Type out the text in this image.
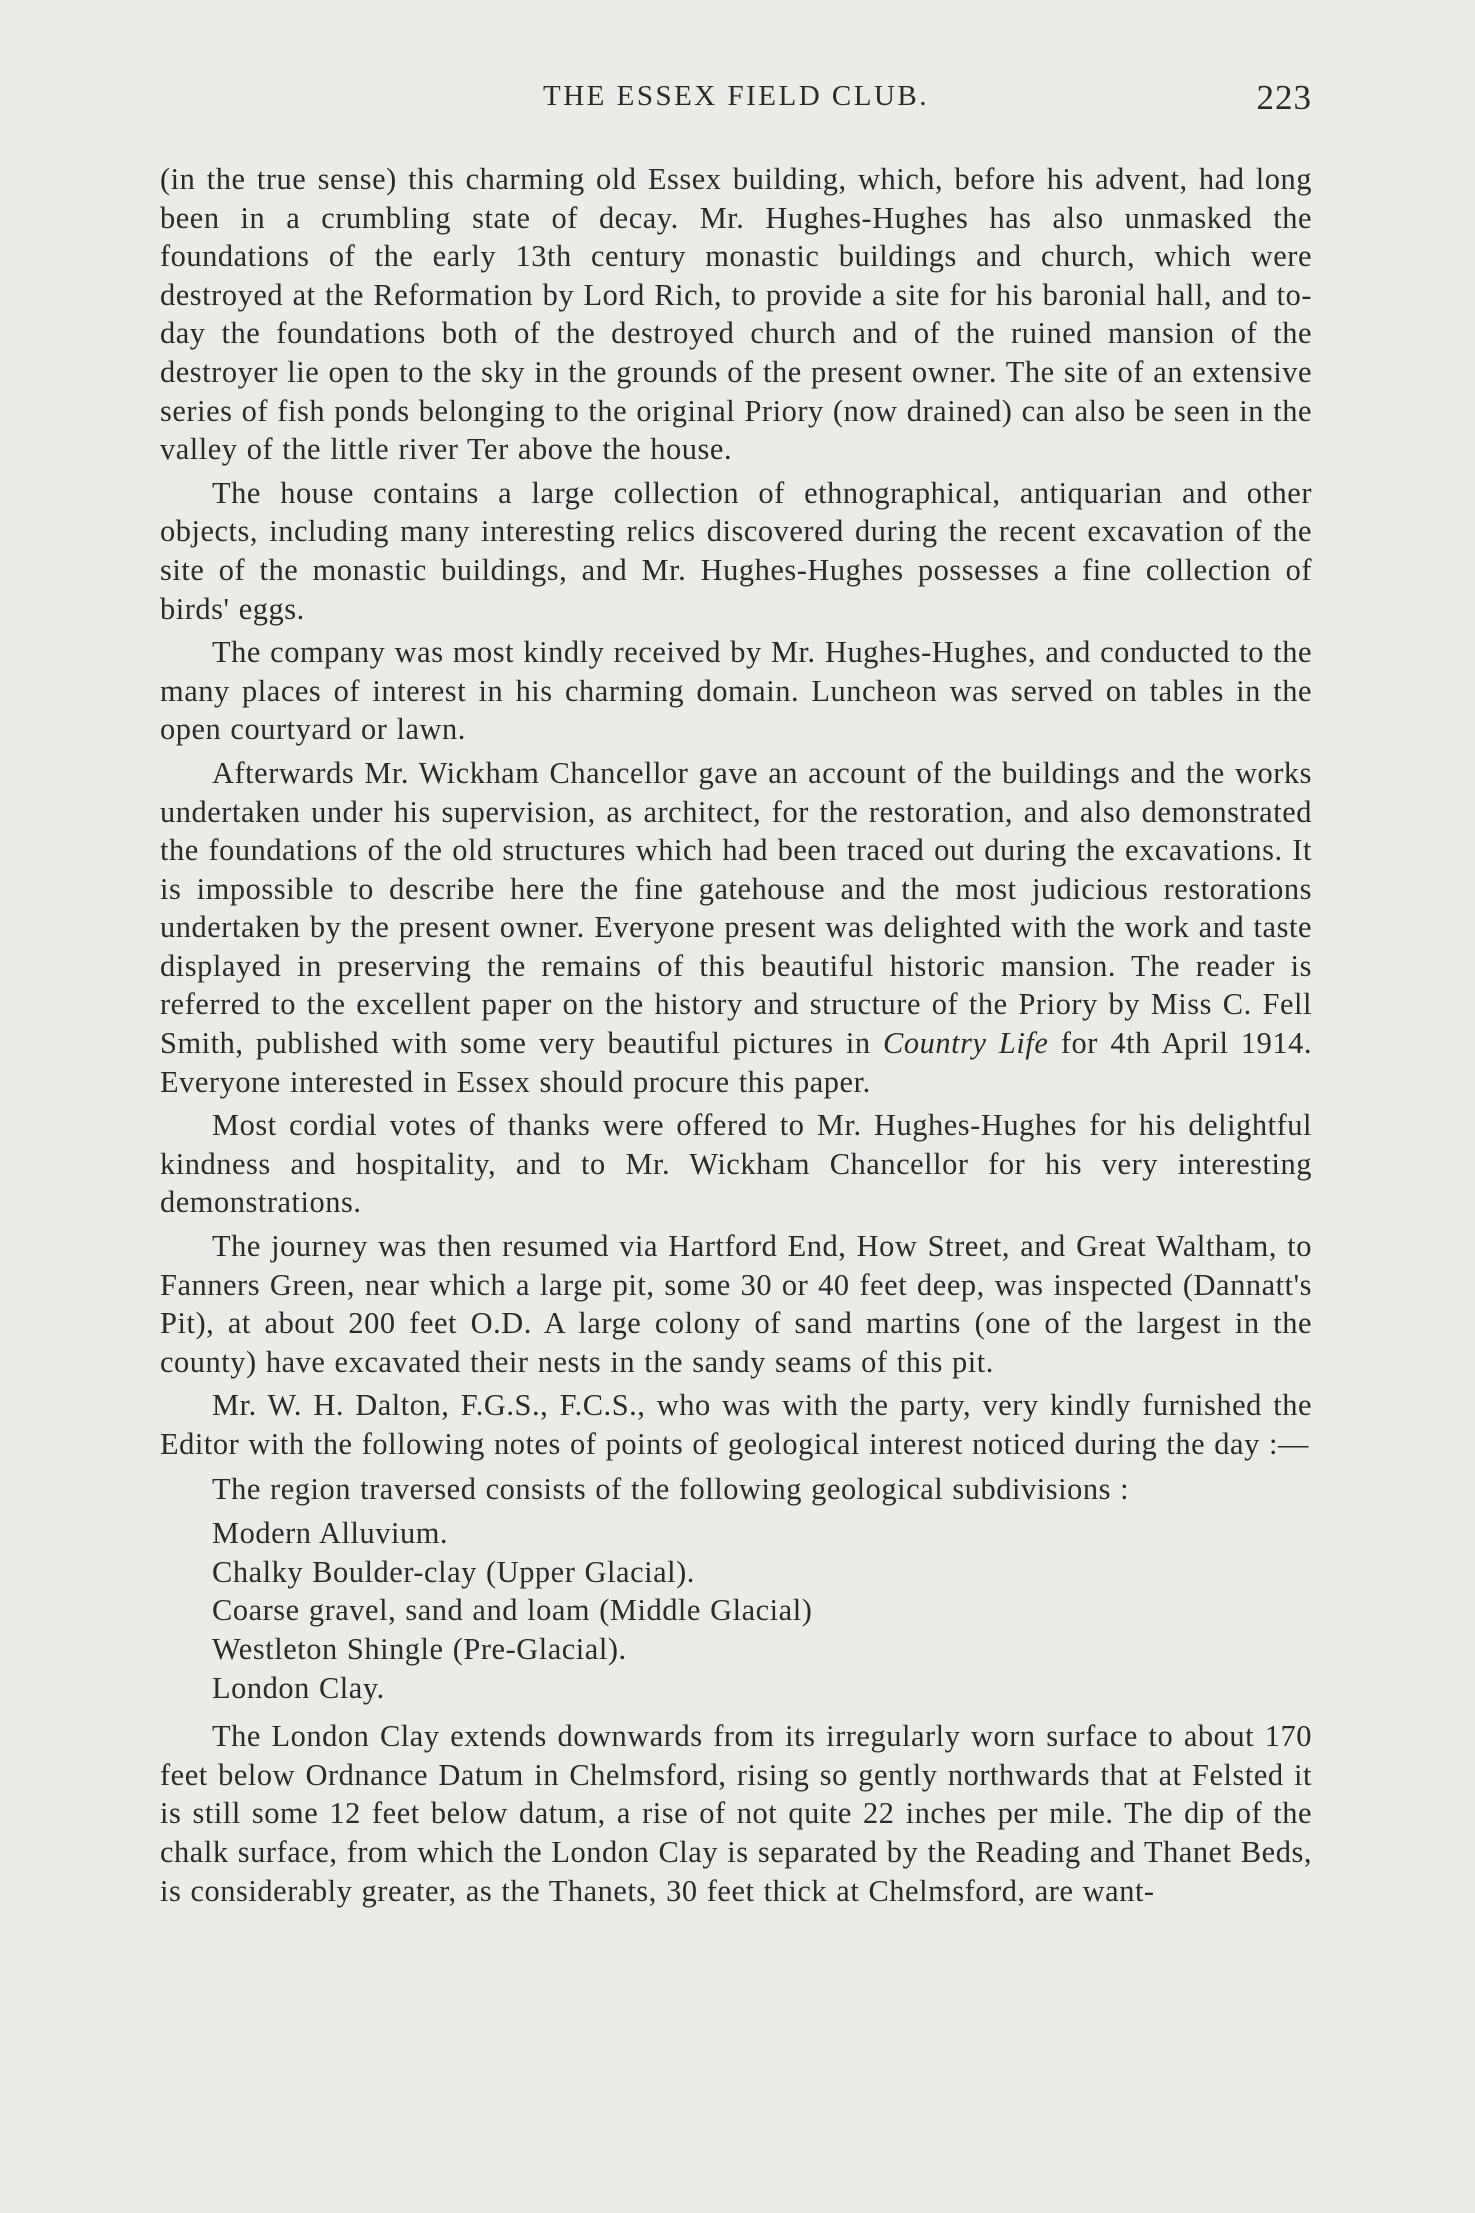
THE ESSEX FIELD CLUB.	223

(in the true sense) this charming old Essex building, which, before his advent, had long been in a crumbling state of decay. Mr. Hughes-Hughes has also unmasked the foundations of the early 13th century monastic buildings and church, which were destroyed at the Reformation by Lord Rich, to provide a site for his baronial hall, and to-day the foundations both of the destroyed church and of the ruined mansion of the destroyer lie open to the sky in the grounds of the present owner. The site of an extensive series of fish ponds belonging to the original Priory (now drained) can also be seen in the valley of the little river Ter above the house.

The house contains a large collection of ethnographical, antiquarian and other objects, including many interesting relics discovered during the recent excavation of the site of the monastic buildings, and Mr. Hughes-Hughes possesses a fine collection of birds' eggs.

The company was most kindly received by Mr. Hughes-Hughes, and conducted to the many places of interest in his charming domain. Luncheon was served on tables in the open courtyard or lawn.

Afterwards Mr. Wickham Chancellor gave an account of the buildings and the works undertaken under his supervision, as architect, for the restoration, and also demonstrated the foundations of the old structures which had been traced out during the excavations. It is impossible to describe here the fine gatehouse and the most judicious restorations undertaken by the present owner. Everyone present was delighted with the work and taste displayed in preserving the remains of this beautiful historic mansion. The reader is referred to the excellent paper on the history and structure of the Priory by Miss C. Fell Smith, published with some very beautiful pictures in Country Life for 4th April 1914. Everyone interested in Essex should procure this paper.

Most cordial votes of thanks were offered to Mr. Hughes-Hughes for his delightful kindness and hospitality, and to Mr. Wickham Chancellor for his very interesting demonstrations.

The journey was then resumed via Hartford End, How Street, and Great Waltham, to Fanners Green, near which a large pit, some 30 or 40 feet deep, was inspected (Dannatt's Pit), at about 200 feet O.D. A large colony of sand martins (one of the largest in the county) have excavated their nests in the sandy seams of this pit.

Mr. W. H. Dalton, F.G.S., F.C.S., who was with the party, very kindly furnished the Editor with the following notes of points of geological interest noticed during the day :—

The region traversed consists of the following geological subdivisions :

Modern Alluvium.
Chalky Boulder-clay (Upper Glacial).
Coarse gravel, sand and loam (Middle Glacial)
Westleton Shingle (Pre-Glacial).
London Clay.

The London Clay extends downwards from its irregularly worn surface to about 170 feet below Ordnance Datum in Chelmsford, rising so gently northwards that at Felsted it is still some 12 feet below datum, a rise of not quite 22 inches per mile. The dip of the chalk surface, from which the London Clay is separated by the Reading and Thanet Beds, is considerably greater, as the Thanets, 30 feet thick at Chelmsford, are want-
